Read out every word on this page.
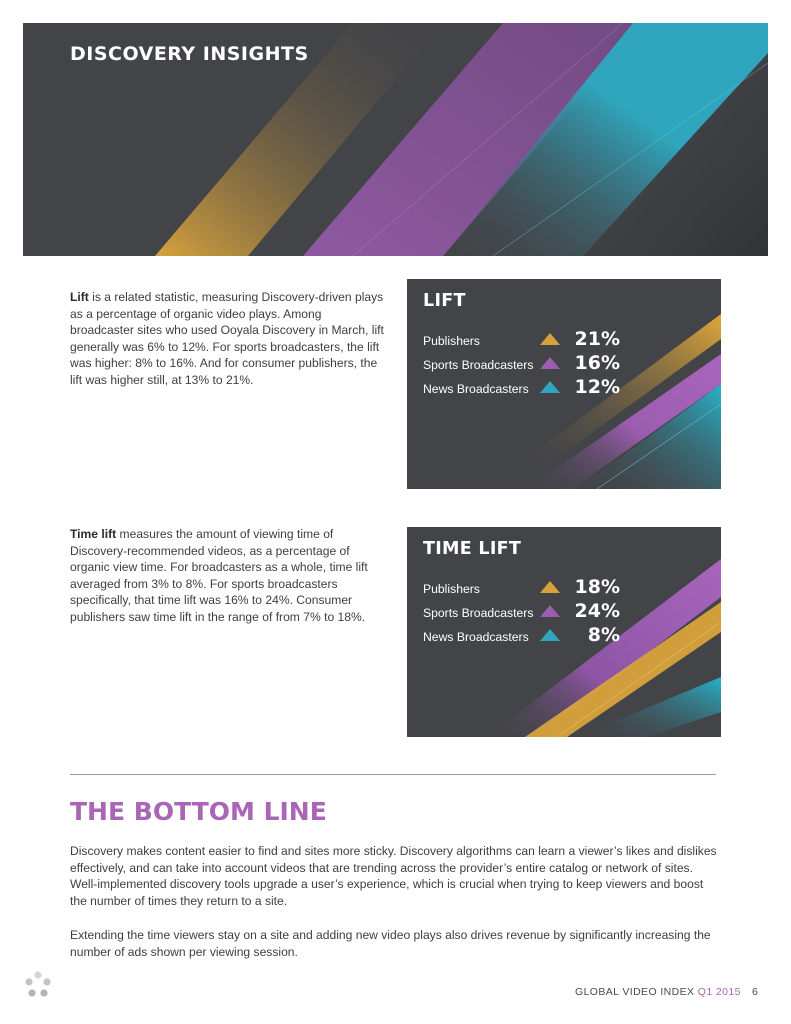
DISCOVERY INSIGHTS

Lift is a related statistic, measuring Discovery-driven plays as a percentage of organic video plays. Among broadcaster sites who used Ooyala Discovery in March, lift generally was 6% to 12%. For sports broadcasters, the lift was higher: 8% to 16%. And for consumer publishers, the lift was higher still, at 13% to 21%.

LIFT
Publishers	21%
Sports Broadcasters 16%
News Broadcasters 12%

Time lift measures the amount of viewing time of Discovery-recommended videos, as a percentage of organic view time. For broadcasters as a whole, time lift averaged from 3% to 8%. For sports broadcasters specifically, that time lift was 16% to 24%. Consumer publishers saw time lift in the range of from 7% to 18%.

TIME LIFT
Publishers	18%
Sports Broadcasters 24%
News Broadcasters	8%
THE BOTTOM LINE

Discovery makes content easier to find and sites more sticky. Discovery algorithms can learn a viewer’s likes and dislikes effectively, and can take into account videos that are trending across the provider’s entire catalog or network of sites. Well-implemented discovery tools upgrade a user’s experience, which is crucial when trying to keep viewers and boost the number of times they return to a site.

Extending the time viewers stay on a site and adding new video plays also drives revenue by significantly increasing the number of ads shown per viewing session.

GLOBAL VIDEO INDEX Q1 2015 6
